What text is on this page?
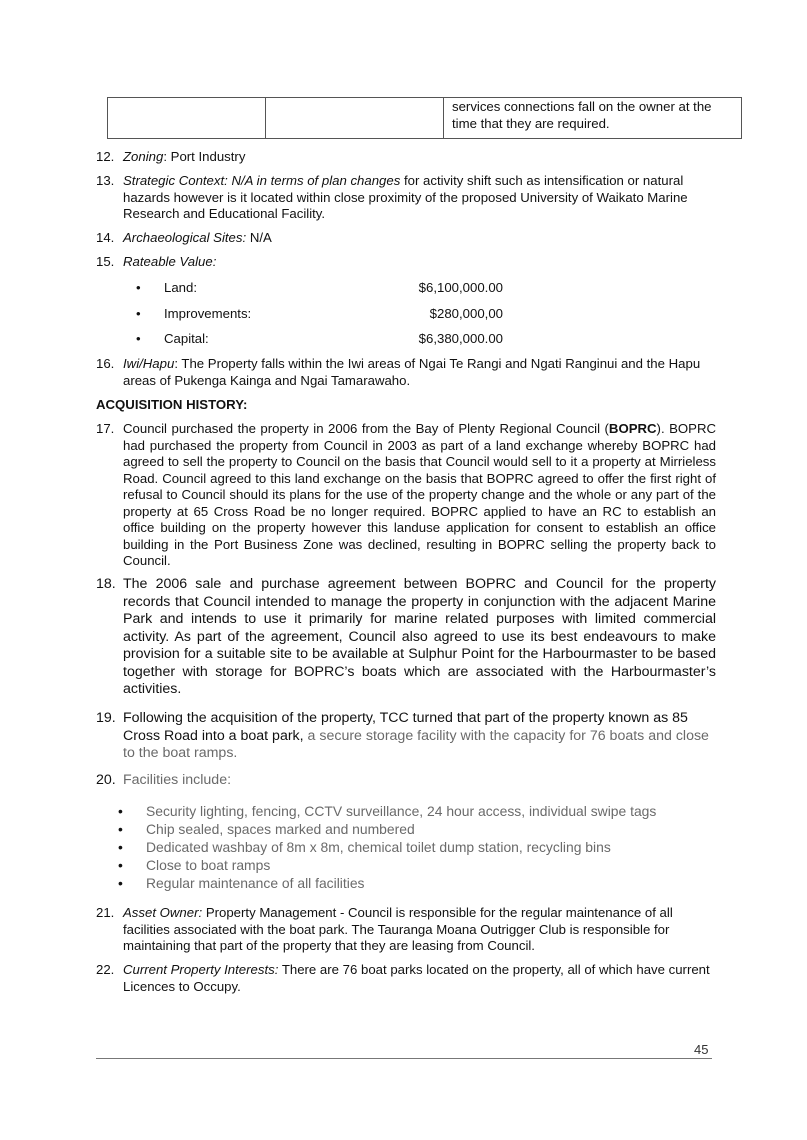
		services connections fall on the owner at the time that they are required.
12. Zoning: Port Industry
13. Strategic Context: N/A in terms of plan changes for activity shift such as intensification or natural hazards however is it located within close proximity of the proposed University of Waikato Marine Research and Educational Facility.
14. Archaeological Sites: N/A
15. Rateable Value:
• Land:	$6,100,000.00
• Improvements:	$280,000,00
• Capital:	$6,380,000.00
16. Iwi/Hapu: The Property falls within the Iwi areas of Ngai Te Rangi and Ngati Ranginui and the Hapu areas of Pukenga Kainga and Ngai Tamarawaho.
ACQUISITION HISTORY:
17. Council purchased the property in 2006 from the Bay of Plenty Regional Council (BOPRC). BOPRC had purchased the property from Council in 2003 as part of a land exchange whereby BOPRC had agreed to sell the property to Council on the basis that Council would sell to it a property at Mirrieless Road. Council agreed to this land exchange on the basis that BOPRC agreed to offer the first right of refusal to Council should its plans for the use of the property change and the whole or any part of the property at 65 Cross Road be no longer required. BOPRC applied to have an RC to establish an office building on the property however this landuse application for consent to establish an office building in the Port Business Zone was declined, resulting in BOPRC selling the property back to Council.
18. The 2006 sale and purchase agreement between BOPRC and Council for the property records that Council intended to manage the property in conjunction with the adjacent Marine Park and intends to use it primarily for marine related purposes with limited commercial activity. As part of the agreement, Council also agreed to use its best endeavours to make provision for a suitable site to be available at Sulphur Point for the Harbourmaster to be based together with storage for BOPRC’s boats which are associated with the Harbourmaster’s activities.
19. Following the acquisition of the property, TCC turned that part of the property known as 85 Cross Road into a boat park, a secure storage facility with the capacity for 76 boats and close to the boat ramps.
20. Facilities include:
• Security lighting, fencing, CCTV surveillance, 24 hour access, individual swipe tags
• Chip sealed, spaces marked and numbered
• Dedicated washbay of 8m x 8m, chemical toilet dump station, recycling bins
• Close to boat ramps
• Regular maintenance of all facilities
21. Asset Owner: Property Management - Council is responsible for the regular maintenance of all facilities associated with the boat park. The Tauranga Moana Outrigger Club is responsible for maintaining that part of the property that they are leasing from Council.
22. Current Property Interests: There are 76 boat parks located on the property, all of which have current Licences to Occupy.
45
